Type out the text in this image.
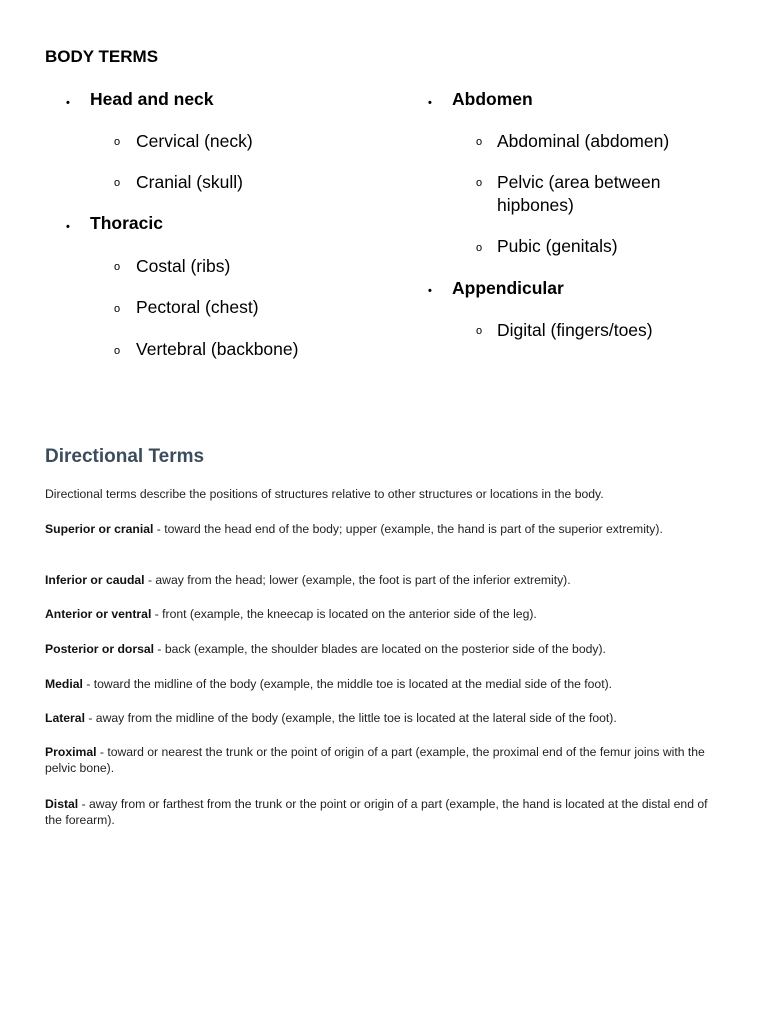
BODY TERMS
• Head and neck
o Cervical (neck)
o Cranial (skull)
• Thoracic
o Costal (ribs)
o Pectoral (chest)
o Vertebral (backbone)
• Abdomen
o Abdominal (abdomen)
o Pelvic (area between
hipbones)
o Pubic (genitals)
• Appendicular
o Digital (fingers/toes)
Directional Terms

Directional terms describe the positions of structures relative to other structures or locations in the body.

Superior or cranial - toward the head end of the body; upper (example, the hand is part of the superior extremity).

Inferior or caudal - away from the head; lower (example, the foot is part of the inferior extremity).

Anterior or ventral - front (example, the kneecap is located on the anterior side of the leg).

Posterior or dorsal - back (example, the shoulder blades are located on the posterior side of the body).

Medial - toward the midline of the body (example, the middle toe is located at the medial side of the foot).

Lateral - away from the midline of the body (example, the little toe is located at the lateral side of the foot).

Proximal - toward or nearest the trunk or the point of origin of a part (example, the proximal end of the femur joins with the pelvic bone).

Distal - away from or farthest from the trunk or the point or origin of a part (example, the hand is located at the distal end of the forearm).
